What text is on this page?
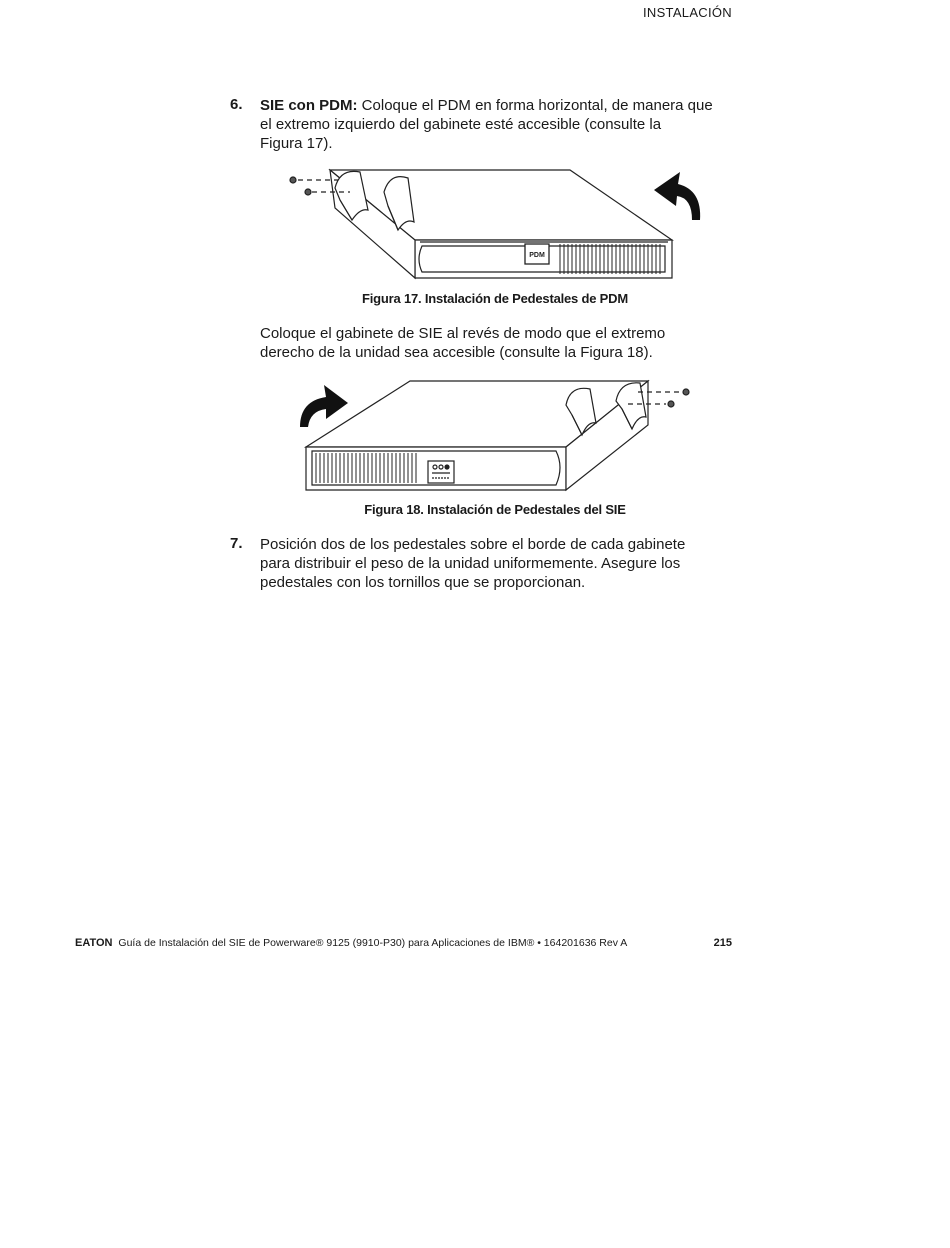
INSTALACIÓN
6. SIE con PDM: Coloque el PDM en forma horizontal, de manera que
el extremo izquierdo del gabinete esté accesible (consulte la
Figura 17).
PDM
Figura 17. Instalación de Pedestales de PDM
Coloque el gabinete de SIE al revés de modo que el extremo
derecho de la unidad sea accesible (consulte la Figura 18).
Figura 18. Instalación de Pedestales del SIE
7. Posición dos de los pedestales sobre el borde de cada gabinete
para distribuir el peso de la unidad uniformemente. Asegure los
pedestales con los tornillos que se proporcionan.
EATON Guía de Instalación del SIE de Powerware® 9125 (9910-P30) para Aplicaciones de IBM® • 164201636 Rev A	215
